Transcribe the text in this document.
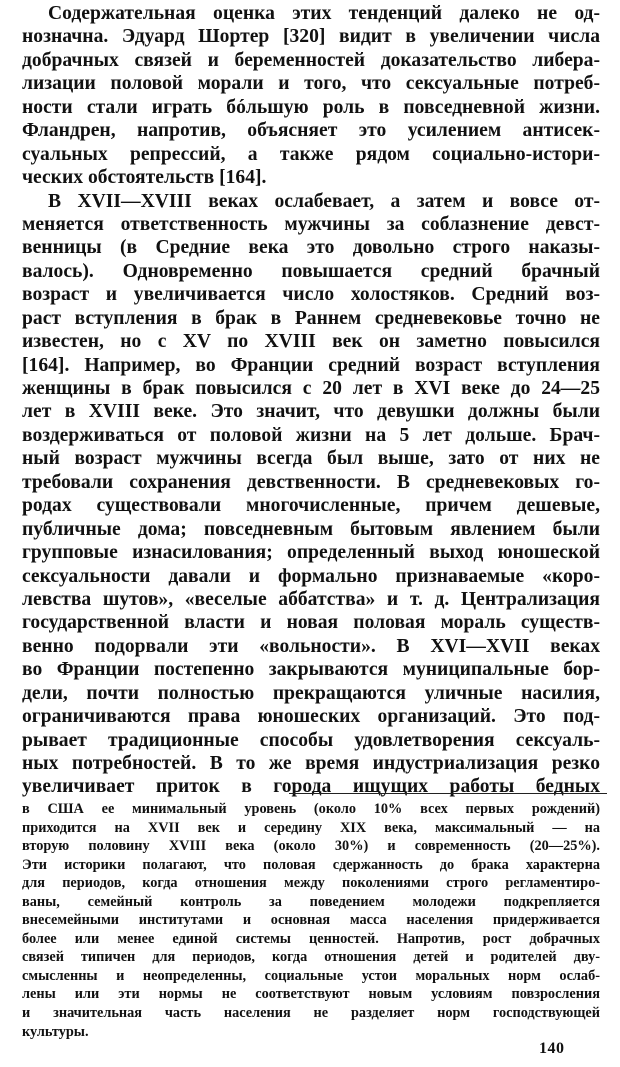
Содержательная оценка этих тенденций далеко не од-
нозначна. Эдуард Шортер [320] видит в увеличении числа
добрачных связей и беременностей доказательство либера-
лизации половой морали и того, что сексуальные потреб-
ности стали играть бóльшую роль в повседневной жизни.
Фландрен, напротив, объясняет это усилением антисек-
суальных репрессий, а также рядом социально-истори-
ческих обстоятельств [164].
В XVII—XVIII веках ослабевает, а затем и вовсе от-
меняется ответственность мужчины за соблазнение девст-
венницы (в Средние века это довольно строго наказы-
валось). Одновременно повышается средний брачный
возраст и увеличивается число холостяков. Средний воз-
раст вступления в брак в Раннем средневековье точно не
известен, но с XV по XVIII век он заметно повысился
[164]. Например, во Франции средний возраст вступления
женщины в брак повысился с 20 лет в XVI веке до 24—25
лет в XVIII веке. Это значит, что девушки должны были
воздерживаться от половой жизни на 5 лет дольше. Брач-
ный возраст мужчины всегда был выше, зато от них не
требовали сохранения девственности. В средневековых го-
родах существовали многочисленные, причем дешевые,
публичные дома; повседневным бытовым явлением были
групповые изнасилования; определенный выход юношеской
сексуальности давали и формально признаваемые «коро-
левства шутов», «веселые аббатства» и т. д. Централизация
государственной власти и новая половая мораль существ-
венно подорвали эти «вольности». В XVI—XVII веках
во Франции постепенно закрываются муниципальные бор-
дели, почти полностью прекращаются уличные насилия,
ограничиваются права юношеских организаций. Это под-
рывает традиционные способы удовлетворения сексуаль-
ных потребностей. В то же время индустриализация резко
увеличивает приток в города ищущих работы бедных
в США ее минимальный уровень (около 10% всех первых рождений)
приходится на XVII век и середину XIX века, максимальный — на
вторую половину XVIII века (около 30%) и современность (20—25%).
Эти историки полагают, что половая сдержанность до брака характерна
для периодов, когда отношения между поколениями строго регламентиро-
ваны, семейный контроль за поведением молодежи подкрепляется
внесемейными институтами и основная масса населения придерживается
более или менее единой системы ценностей. Напротив, рост добрачных
связей типичен для периодов, когда отношения детей и родителей дву-
смысленны и неопределенны, социальные устои моральных норм ослаб-
лены или эти нормы не соответствуют новым условиям повзросления
и значительная часть населения не разделяет норм господствующей
культуры.
140
